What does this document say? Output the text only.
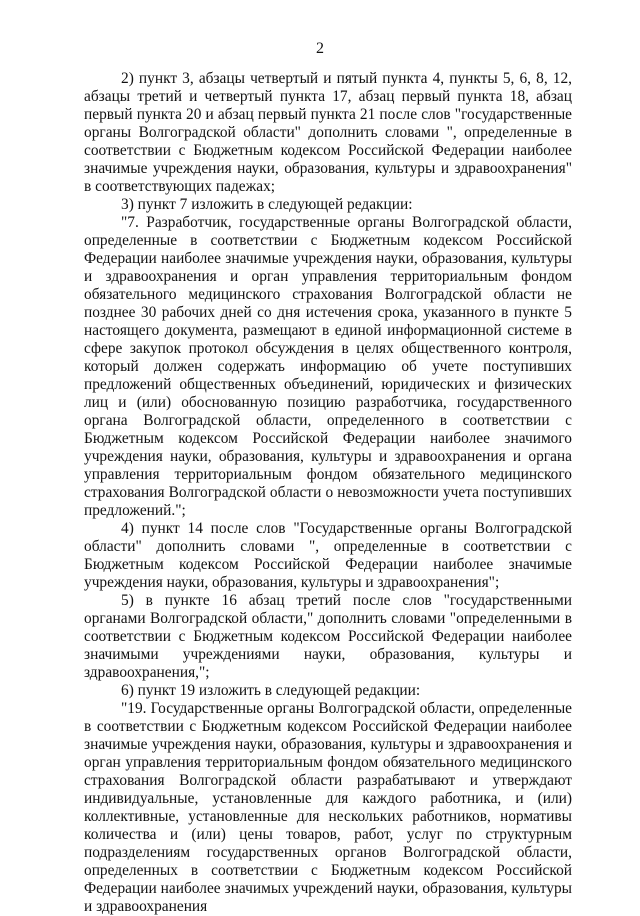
2

2) пункт 3, абзацы четвертый и пятый пункта 4, пункты 5, 6, 8, 12, абзацы третий и четвертый пункта 17, абзац первый пункта 18, абзац первый пункта 20 и абзац первый пункта 21 после слов "государственные органы Волгоградской области" дополнить словами ", определенные в соответствии с Бюджетным кодексом Российской Федерации наиболее значимые учреждения науки, образования, культуры и здравоохранения" в соответствующих падежах;

3) пункт 7 изложить в следующей редакции:

"7. Разработчик, государственные органы Волгоградской области, определенные в соответствии с Бюджетным кодексом Российской Федерации наиболее значимые учреждения науки, образования, культуры и здравоохранения и орган управления территориальным фондом обязательного медицинского страхования Волгоградской области не позднее 30 рабочих дней со дня истечения срока, указанного в пункте 5 настоящего документа, размещают в единой информационной системе в сфере закупок протокол обсуждения в целях общественного контроля, который должен содержать информацию об учете поступивших предложений общественных объединений, юридических и физических лиц и (или) обоснованную позицию разработчика, государственного органа Волгоградской области, определенного в соответствии с Бюджетным кодексом Российской Федерации наиболее значимого учреждения науки, образования, культуры и здравоохранения и органа управления территориальным фондом обязательного медицинского страхования Волгоградской области о невозможности учета поступивших предложений.";

4) пункт 14 после слов "Государственные органы Волгоградской области" дополнить словами ", определенные в соответствии с Бюджетным кодексом Российской Федерации наиболее значимые учреждения науки, образования, культуры и здравоохранения";

5) в пункте 16 абзац третий после слов "государственными органами Волгоградской области," дополнить словами "определенными в соответствии с Бюджетным кодексом Российской Федерации наиболее значимыми учреждениями науки, образования, культуры и здравоохранения,";

6) пункт 19 изложить в следующей редакции:

"19. Государственные органы Волгоградской области, определенные в соответствии с Бюджетным кодексом Российской Федерации наиболее значимые учреждения науки, образования, культуры и здравоохранения и орган управления территориальным фондом обязательного медицинского страхования Волгоградской области разрабатывают и утверждают индивидуальные, установленные для каждого работника, и (или) коллективные, установленные для нескольких работников, нормативы количества и (или) цены товаров, работ, услуг по структурным подразделениям государственных органов Волгоградской области, определенных в соответствии с Бюджетным кодексом Российской Федерации наиболее значимых учреждений науки, образования, культуры и здравоохранения
